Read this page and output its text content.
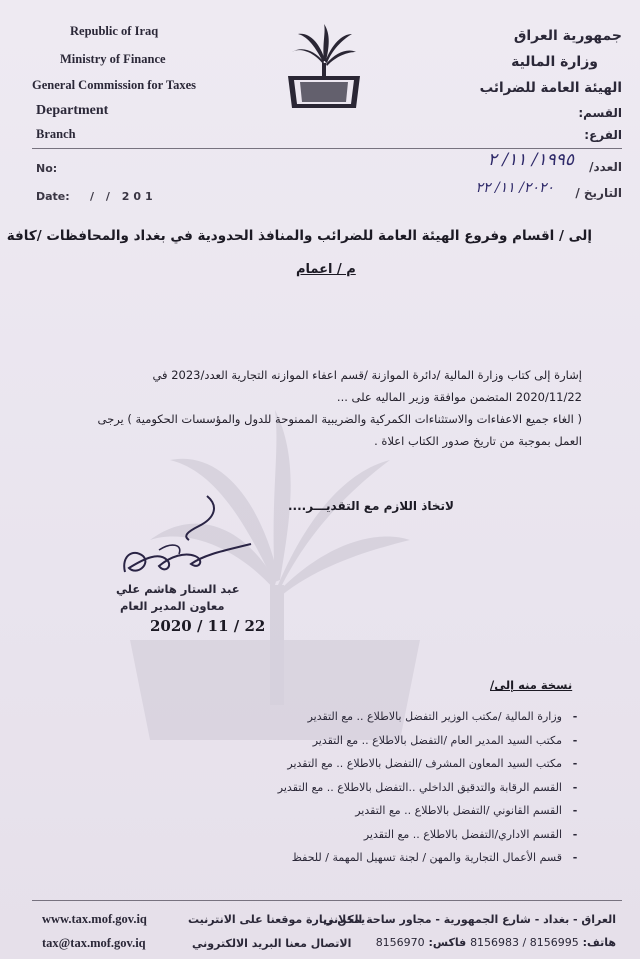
Republic of Iraq
Ministry of Finance
General Commission for Taxes
Department
Branch
جمهورية العراق
وزارة المالية
الهيئة العامة للضرائب
القسم:
الفرع:
No:
Date: / / 201
العدد/
١٩٩٥/ ١١/ ٢
التاريخ /
٢٠٢٠/ ١١/ ٢٢
إلى / اقسام وفروع الهيئة العامة للضرائب والمنافذ الحدودية في بغداد والمحافظات /كافة
م / اعمام
إشارة إلى كتاب وزارة المالية /دائرة الموازنة /قسم اعفاء الموازنه التجارية العدد/2023 في
2020/11/22 المتضمن موافقة وزير الماليه على ...
( الغاء جميع الاعفاءات والاستثناءات الكمركية والضريبية الممنوحة للدول والمؤسسات الحكومية ) يرجى
العمل بموجبة من تاريخ صدور الكتاب اعلاة .
لاتخاذ اللازم مع التقديـــر....
عبد الستار هاشم علي
معاون المدير العام
2020 / 11 / 22
نسخة منه إلى/
-
وزارة المالية /مكتب الوزير التفضل بالاطلاع .. مع التقدير
-
مكتب السيد المدير العام /التفضل بالاطلاع .. مع التقدير
-
مكتب السيد المعاون المشرف /التفضل بالاطلاع .. مع التقدير
-
القسم الرقابة والتدقيق الداخلي ..التفضل بالاطلاع .. مع التقدير
-
القسم القانوني /التفضل بالاطلاع .. مع التقدير
-
القسم الاداري/التفضل بالاطلاع .. مع التقدير
-
قسم الأعمال التجارية والمهن / لجنة تسهيل المهمة / للحفظ
www.tax.mof.gov.iq	يمكن زيارة موقعنا على الانترنيت
tax@tax.mof.gov.iq	الاتصال معنا البريد الالكتروني
العراق - بغداد - شارع الجمهورية - مجاور ساحة الخلاني
هاتف: 8156995 / 8156983 فاكس: 8156970
